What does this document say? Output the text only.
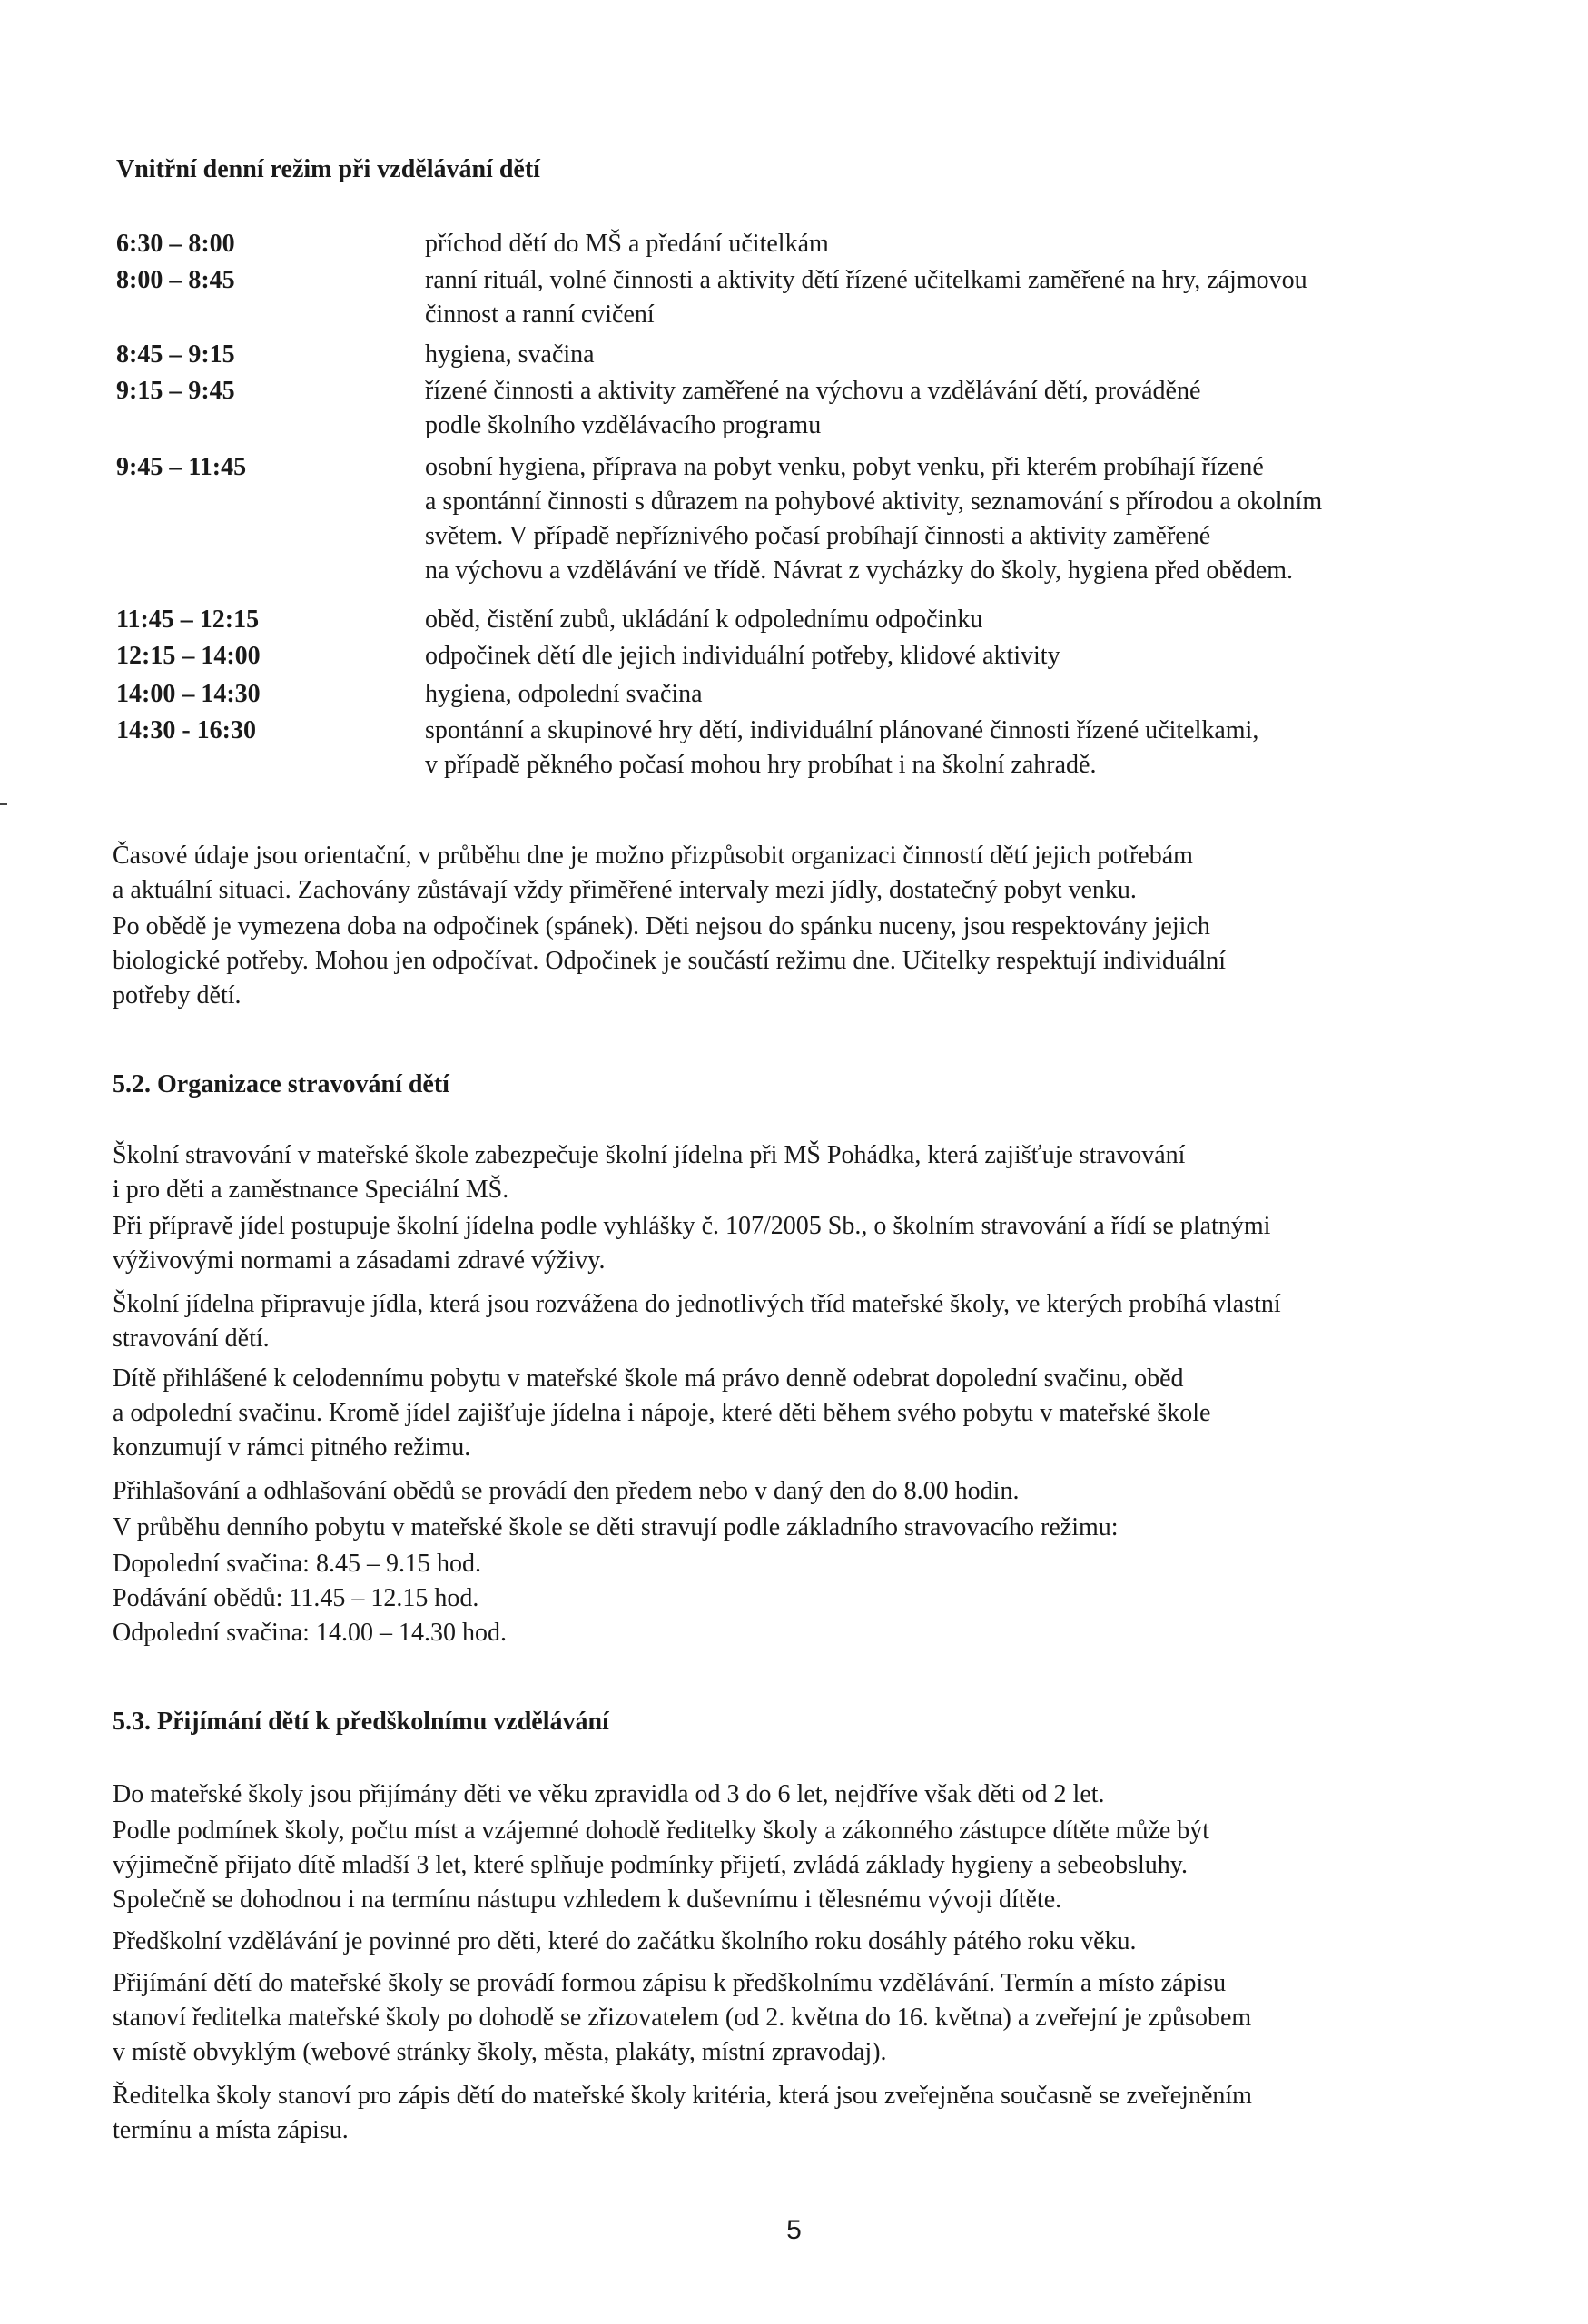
Vnitřní denní režim při vzdělávání dětí
6:30 – 8:00	příchod dětí do MŠ a předání učitelkám
8:00 – 8:45	ranní rituál, volné činnosti a aktivity dětí řízené učitelkami zaměřené na hry, zájmovou
činnost a ranní cvičení
8:45 – 9:15	hygiena, svačina
9:15 – 9:45	řízené činnosti a aktivity zaměřené na výchovu a vzdělávání dětí, prováděné
podle školního vzdělávacího programu
9:45 – 11:45	osobní hygiena, příprava na pobyt venku, pobyt venku, při kterém probíhají řízené
a spontánní činnosti s důrazem na pohybové aktivity, seznamování s přírodou a okolním
světem. V případě nepříznivého počasí probíhají činnosti a aktivity zaměřené
na výchovu a vzdělávání ve třídě. Návrat z vycházky do školy, hygiena před obědem.
11:45 – 12:15	oběd, čistění zubů, ukládání k odpolednímu odpočinku
12:15 – 14:00	odpočinek dětí dle jejich individuální potřeby, klidové aktivity
14:00 – 14:30	hygiena, odpolední svačina
14:30 - 16:30	spontánní a skupinové hry dětí, individuální plánované činnosti řízené učitelkami,
v případě pěkného počasí mohou hry probíhat i na školní zahradě.
Časové údaje jsou orientační, v průběhu dne je možno přizpůsobit organizaci činností dětí jejich potřebám
a aktuální situaci. Zachovány zůstávají vždy přiměřené intervaly mezi jídly, dostatečný pobyt venku.
Po obědě je vymezena doba na odpočinek (spánek). Děti nejsou do spánku nuceny, jsou respektovány jejich
biologické potřeby. Mohou jen odpočívat. Odpočinek je součástí režimu dne. Učitelky respektují individuální
potřeby dětí.
5.2. Organizace stravování dětí
Školní stravování v mateřské škole zabezpečuje školní jídelna při MŠ Pohádka, která zajišťuje stravování
i pro děti a zaměstnance Speciální MŠ.
Při přípravě jídel postupuje školní jídelna podle vyhlášky č. 107/2005 Sb., o školním stravování a řídí se platnými
výživovými normami a zásadami zdravé výživy.
Školní jídelna připravuje jídla, která jsou rozvážena do jednotlivých tříd mateřské školy, ve kterých probíhá vlastní
stravování dětí.
Dítě přihlášené k celodennímu pobytu v mateřské škole má právo denně odebrat dopolední svačinu, oběd
a odpolední svačinu. Kromě jídel zajišťuje jídelna i nápoje, které děti během svého pobytu v mateřské škole
konzumují v rámci pitného režimu.
Přihlašování a odhlašování obědů se provádí den předem nebo v daný den do 8.00 hodin.
V průběhu denního pobytu v mateřské škole se děti stravují podle základního stravovacího režimu:
Dopolední svačina: 8.45 – 9.15 hod.
Podávání obědů: 11.45 – 12.15 hod.
Odpolední svačina: 14.00 – 14.30 hod.
5.3. Přijímání dětí k předškolnímu vzdělávání
Do mateřské školy jsou přijímány děti ve věku zpravidla od 3 do 6 let, nejdříve však děti od 2 let.
Podle podmínek školy, počtu míst a vzájemné dohodě ředitelky školy a zákonného zástupce dítěte může být
výjimečně přijato dítě mladší 3 let, které splňuje podmínky přijetí, zvládá základy hygieny a sebeobsluhy.
Společně se dohodnou i na termínu nástupu vzhledem k duševnímu i tělesnému vývoji dítěte.
Předškolní vzdělávání je povinné pro děti, které do začátku školního roku dosáhly pátého roku věku.
Přijímání dětí do mateřské školy se provádí formou zápisu k předškolnímu vzdělávání. Termín a místo zápisu
stanoví ředitelka mateřské školy po dohodě se zřizovatelem (od 2. května do 16. května) a zveřejní je způsobem
v místě obvyklým (webové stránky školy, města, plakáty, místní zpravodaj).
Ředitelka školy stanoví pro zápis dětí do mateřské školy kritéria, která jsou zveřejněna současně se zveřejněním
termínu a místa zápisu.
5
